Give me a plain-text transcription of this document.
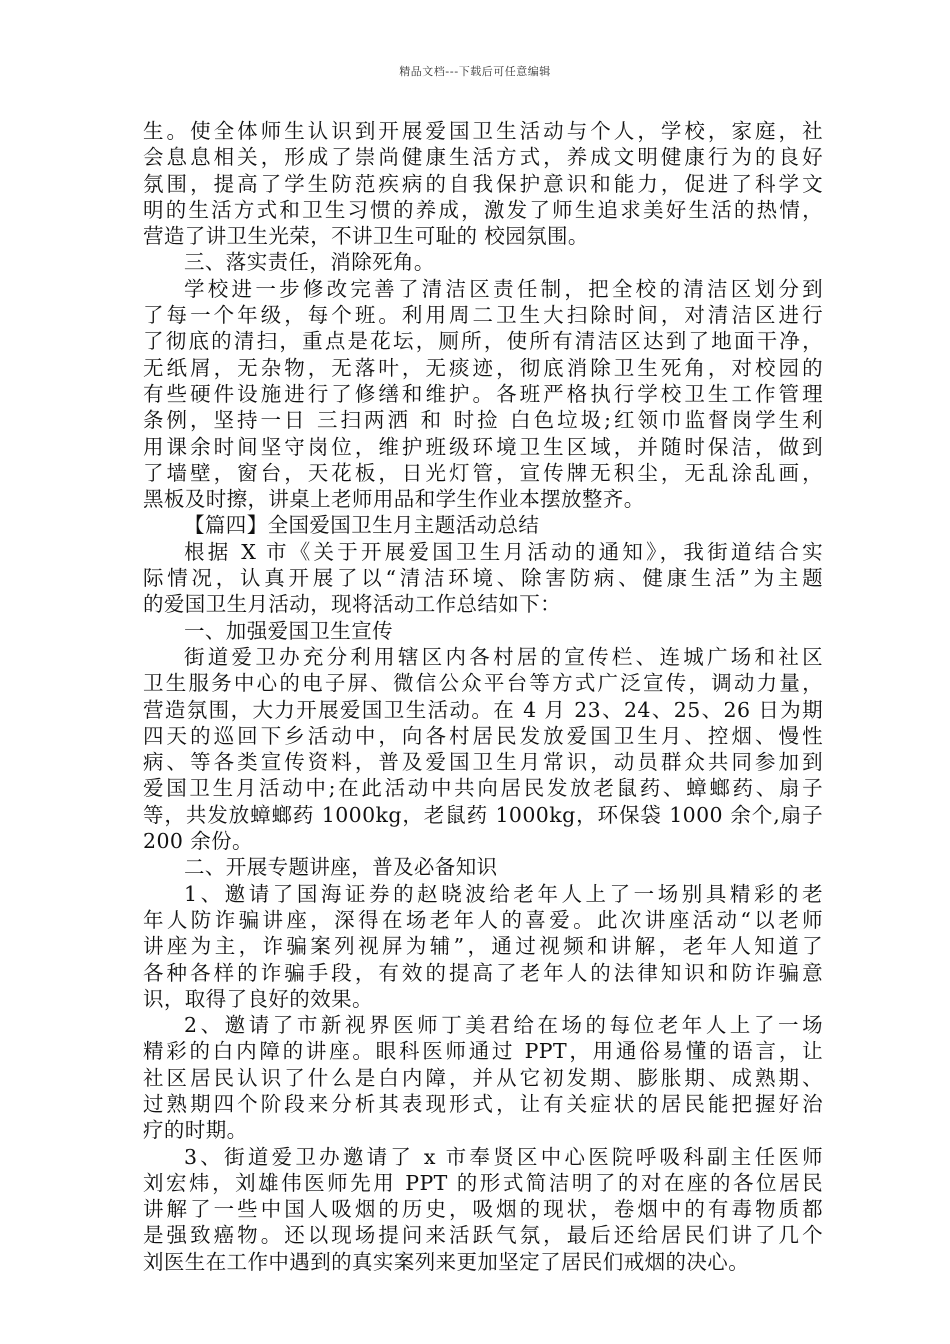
精品文档---下载后可任意编辑
生。使全体师生认识到开展爱国卫生活动与个人，学校，家庭，社
会息息相关，形成了崇尚健康生活方式，养成文明健康行为的良好
氛围，提高了学生防范疾病的自我保护意识和能力，促进了科学文
明的生活方式和卫生习惯的养成，激发了师生追求美好生活的热情，
营造了讲卫生光荣，不讲卫生可耻的 校园氛围。
三、落实责任，消除死角。
学校进一步修改完善了清洁区责任制，把全校的清洁区划分到
了每一个年级，每个班。利用周二卫生大扫除时间，对清洁区进行
了彻底的清扫，重点是花坛，厕所，使所有清洁区达到了地面干净，
无纸屑，无杂物，无落叶，无痰迹，彻底消除卫生死角，对校园的
有些硬件设施进行了修缮和维护。各班严格执行学校卫生工作管理
条例，坚持一日 三扫两洒 和 时捡 白色垃圾;红领巾监督岗学生利
用课余时间坚守岗位，维护班级环境卫生区域，并随时保洁，做到
了墙壁，窗台，天花板，日光灯管，宣传牌无积尘，无乱涂乱画，
黑板及时擦，讲桌上老师用品和学生作业本摆放整齐。
【篇四】全国爱国卫生月主题活动总结
根据 X 市《关于开展爱国卫生月活动的通知》，我街道结合实
际情况，认真开展了以“清洁环境、除害防病、健康生活”为主题
的爱国卫生月活动，现将活动工作总结如下：
一、加强爱国卫生宣传
街道爱卫办充分利用辖区内各村居的宣传栏、连城广场和社区
卫生服务中心的电子屏、微信公众平台等方式广泛宣传，调动力量，
营造氛围，大力开展爱国卫生活动。在 4 月 23、24、25、26 日为期
四天的巡回下乡活动中，向各村居民发放爱国卫生月、控烟、慢性
病、等各类宣传资料，普及爱国卫生月常识，动员群众共同参加到
爱国卫生月活动中;在此活动中共向居民发放老鼠药、蟑螂药、扇子
等，共发放蟑螂药 1000kg，老鼠药 1000kg，环保袋 1000 余个,扇子
200 余份。
二、开展专题讲座，普及必备知识
1、邀请了国海证券的赵晓波给老年人上了一场别具精彩的老
年人防诈骗讲座，深得在场老年人的喜爱。此次讲座活动“以老师
讲座为主，诈骗案列视屏为辅”，通过视频和讲解，老年人知道了
各种各样的诈骗手段，有效的提高了老年人的法律知识和防诈骗意
识，取得了良好的效果。
2、邀请了市新视界医师丁美君给在场的每位老年人上了一场
精彩的白内障的讲座。眼科医师通过 PPT，用通俗易懂的语言，让
社区居民认识了什么是白内障，并从它初发期、膨胀期、成熟期、
过熟期四个阶段来分析其表现形式，让有关症状的居民能把握好治
疗的时期。
3、街道爱卫办邀请了 x 市奉贤区中心医院呼吸科副主任医师
刘宏炜，刘雄伟医师先用 PPT 的形式简洁明了的对在座的各位居民
讲解了一些中国人吸烟的历史，吸烟的现状，卷烟中的有毒物质都
是强致癌物。还以现场提问来活跃气氛，最后还给居民们讲了几个
刘医生在工作中遇到的真实案列来更加坚定了居民们戒烟的决心。
